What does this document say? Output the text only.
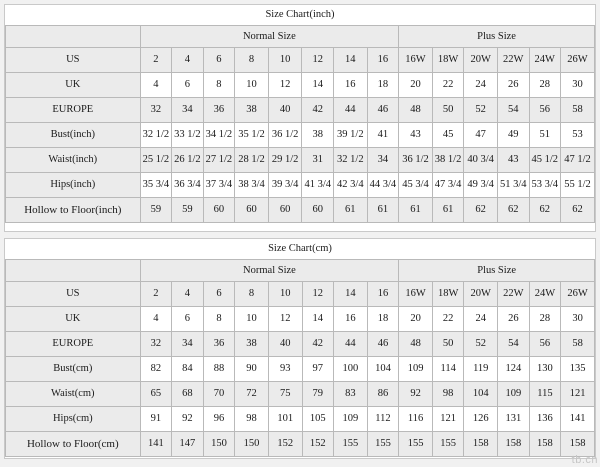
Size Chart(inch)														
	Normal Size								Plus Size					
US	2	4	6	8	10	12	14	16	16W	18W	20W	22W	24W	26W
UK	4	6	8	10	12	14	16	18	20	22	24	26	28	30
EUROPE	32	34	36	38	40	42	44	46	48	50	52	54	56	58
Bust(inch)	32 1/2	33 1/2	34 1/2	35 1/2	36 1/2	38	39 1/2	41	43	45	47	49	51	53
Waist(inch)	25 1/2	26 1/2	27 1/2	28 1/2	29 1/2	31	32 1/2	34	36 1/2	38 1/2	40 3/4	43	45 1/2	47 1/2
Hips(inch)	35 3/4	36 3/4	37 3/4	38 3/4	39 3/4	41 3/4	42 3/4	44 3/4	45 3/4	47 3/4	49 3/4	51 3/4	53 3/4	55 1/2
Hollow to Floor(inch)	59	59	60	60	60	60	61	61	61	61	62	62	62	62
Size Chart(cm)														
	Normal Size								Plus Size					
US	2	4	6	8	10	12	14	16	16W	18W	20W	22W	24W	26W
UK	4	6	8	10	12	14	16	18	20	22	24	26	28	30
EUROPE	32	34	36	38	40	42	44	46	48	50	52	54	56	58
Bust(cm)	82	84	88	90	93	97	100	104	109	114	119	124	130	135
Waist(cm)	65	68	70	72	75	79	83	86	92	98	104	109	115	121
Hips(cm)	91	92	96	98	101	105	109	112	116	121	126	131	136	141
Hollow to Floor(cm)	141	147	150	150	152	152	155	155	155	155	158	158	158	158
tb.cn
